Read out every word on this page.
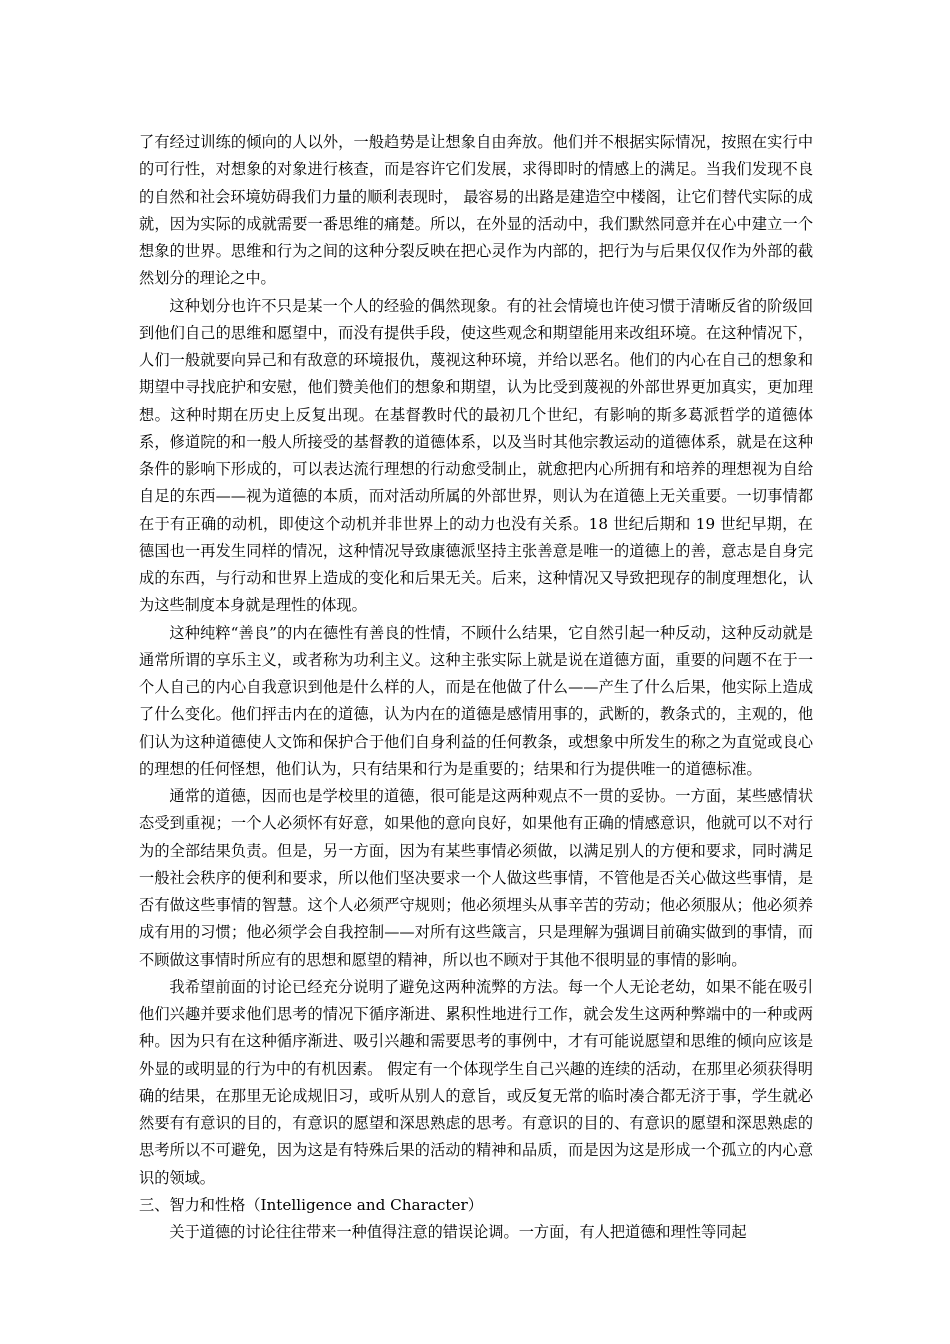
了有经过训练的倾向的人以外，一般趋势是让想象自由奔放。他们并不根据实际情况，按照在实行中的可行性，对想象的对象进行核查，而是容许它们发展，求得即时的情感上的满足。当我们发现不良的自然和社会环境妨碍我们力量的顺利表现时， 最容易的出路是建造空中楼阁，让它们替代实际的成就，因为实际的成就需要一番思维的痛楚。所以，在外显的活动中，我们默然同意并在心中建立一个想象的世界。思维和行为之间的这种分裂反映在把心灵作为内部的，把行为与后果仅仅作为外部的截然划分的理论之中。

这种划分也许不只是某一个人的经验的偶然现象。有的社会情境也许使习惯于清晰反省的阶级回到他们自己的思维和愿望中，而没有提供手段，使这些观念和期望能用来改组环境。在这种情况下，人们一般就要向异己和有敌意的环境报仇，蔑视这种环境，并给以恶名。他们的内心在自己的想象和期望中寻找庇护和安慰，他们赞美他们的想象和期望，认为比受到蔑视的外部世界更加真实，更加理想。这种时期在历史上反复出现。在基督教时代的最初几个世纪，有影响的斯多葛派哲学的道德体系，修道院的和一般人所接受的基督教的道德体系，以及当时其他宗教运动的道德体系，就是在这种条件的影响下形成的，可以表达流行理想的行动愈受制止，就愈把内心所拥有和培养的理想视为自给自足的东西——视为道德的本质，而对活动所属的外部世界，则认为在道德上无关重要。一切事情都在于有正确的动机，即使这个动机并非世界上的动力也没有关系。18 世纪后期和 19 世纪早期，在德国也一再发生同样的情况，这种情况导致康德派坚持主张善意是唯一的道德上的善，意志是自身完成的东西，与行动和世界上造成的变化和后果无关。后来，这种情况又导致把现存的制度理想化，认为这些制度本身就是理性的体现。

这种纯粹“善良”的内在德性有善良的性情，不顾什么结果，它自然引起一种反动，这种反动就是通常所谓的享乐主义，或者称为功利主义。这种主张实际上就是说在道德方面，重要的问题不在于一个人自己的内心自我意识到他是什么样的人，而是在他做了什么——产生了什么后果，他实际上造成了什么变化。他们抨击内在的道德，认为内在的道德是感情用事的，武断的，教条式的，主观的，他们认为这种道德使人文饰和保护合于他们自身利益的任何教条，或想象中所发生的称之为直觉或良心的理想的任何怪想，他们认为，只有结果和行为是重要的；结果和行为提供唯一的道德标准。

通常的道德，因而也是学校里的道德，很可能是这两种观点不一贯的妥协。一方面，某些感情状态受到重视；一个人必须怀有好意，如果他的意向良好，如果他有正确的情感意识，他就可以不对行为的全部结果负责。但是，另一方面，因为有某些事情必须做，以满足别人的方便和要求，同时满足一般社会秩序的便利和要求，所以他们坚决要求一个人做这些事情，不管他是否关心做这些事情，是否有做这些事情的智慧。这个人必须严守规则；他必须埋头从事辛苦的劳动；他必须服从；他必须养成有用的习惯；他必须学会自我控制——对所有这些箴言，只是理解为强调目前确实做到的事情，而不顾做这事情时所应有的思想和愿望的精神，所以也不顾对于其他不很明显的事情的影响。

我希望前面的讨论已经充分说明了避免这两种流弊的方法。每一个人无论老幼，如果不能在吸引他们兴趣并要求他们思考的情况下循序渐进、累积性地进行工作，就会发生这两种弊端中的一种或两种。因为只有在这种循序渐进、吸引兴趣和需要思考的事例中，才有可能说愿望和思维的倾向应该是外显的或明显的行为中的有机因素。 假定有一个体现学生自己兴趣的连续的活动，在那里必须获得明确的结果，在那里无论成规旧习，或听从别人的意旨，或反复无常的临时凑合都无济于事，学生就必然要有有意识的目的，有意识的愿望和深思熟虑的思考。有意识的目的、有意识的愿望和深思熟虑的思考所以不可避免，因为这是有特殊后果的活动的精神和品质，而是因为这是形成一个孤立的内心意识的领域。

三、智力和性格（Intelligence and Character）

关于道德的讨论往往带来一种值得注意的错误论调。一方面，有人把道德和理性等同起
